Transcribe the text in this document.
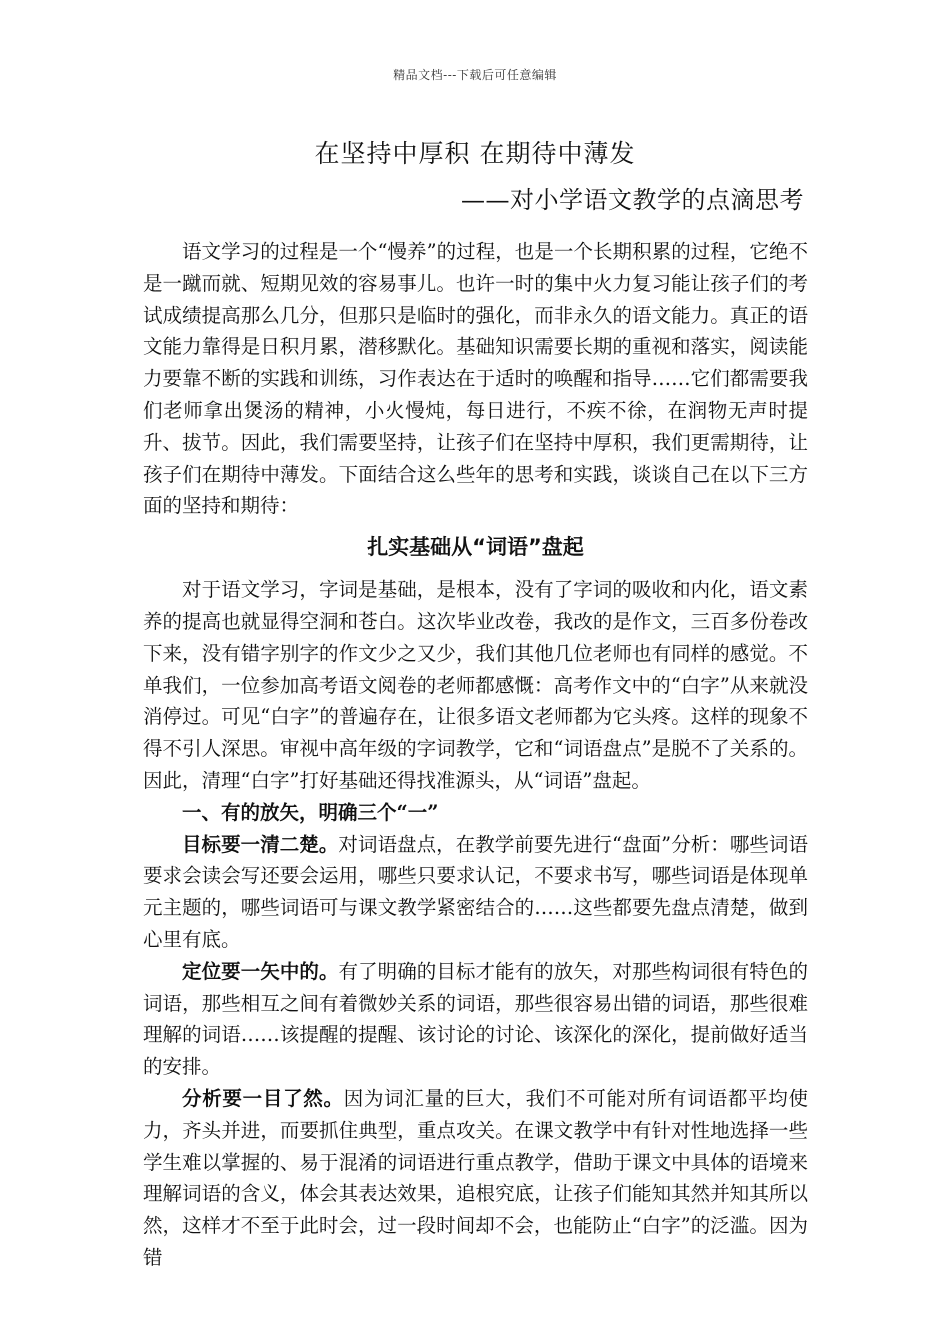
精品文档---下载后可任意编辑
在坚持中厚积 在期待中薄发
——对小学语文教学的点滴思考

语文学习的过程是一个“慢养”的过程，也是一个长期积累的过程，它绝不是一蹴而就、短期见效的容易事儿。也许一时的集中火力复习能让孩子们的考试成绩提高那么几分，但那只是临时的强化，而非永久的语文能力。真正的语文能力靠得是日积月累，潜移默化。基础知识需要长期的重视和落实，阅读能力要靠不断的实践和训练，习作表达在于适时的唤醒和指导……它们都需要我们老师拿出煲汤的精神，小火慢炖，每日进行，不疾不徐，在润物无声时提升、拔节。因此，我们需要坚持，让孩子们在坚持中厚积，我们更需期待，让孩子们在期待中薄发。下面结合这么些年的思考和实践，谈谈自己在以下三方面的坚持和期待：

扎实基础从“词语”盘起

对于语文学习，字词是基础，是根本，没有了字词的吸收和内化，语文素养的提高也就显得空洞和苍白。这次毕业改卷，我改的是作文，三百多份卷改下来，没有错字别字的作文少之又少，我们其他几位老师也有同样的感觉。不单我们，一位参加高考语文阅卷的老师都感慨：高考作文中的“白字”从来就没消停过。可见“白字”的普遍存在，让很多语文老师都为它头疼。这样的现象不得不引人深思。审视中高年级的字词教学，它和“词语盘点”是脱不了关系的。因此，清理“白字”打好基础还得找准源头，从“词语”盘起。

一、有的放矢，明确三个“一”

目标要一清二楚。对词语盘点，在教学前要先进行“盘面”分析：哪些词语要求会读会写还要会运用，哪些只要求认记，不要求书写，哪些词语是体现单元主题的，哪些词语可与课文教学紧密结合的……这些都要先盘点清楚，做到心里有底。

定位要一矢中的。有了明确的目标才能有的放矢，对那些构词很有特色的词语，那些相互之间有着微妙关系的词语，那些很容易出错的词语，那些很难理解的词语……该提醒的提醒、该讨论的讨论、该深化的深化，提前做好适当的安排。

分析要一目了然。因为词汇量的巨大，我们不可能对所有词语都平均使力，齐头并进，而要抓住典型，重点攻关。在课文教学中有针对性地选择一些学生难以掌握的、易于混淆的词语进行重点教学，借助于课文中具体的语境来理解词语的含义，体会其表达效果，追根究底，让孩子们能知其然并知其所以然，这样才不至于此时会，过一段时间却不会，也能防止“白字”的泛滥。因为错
